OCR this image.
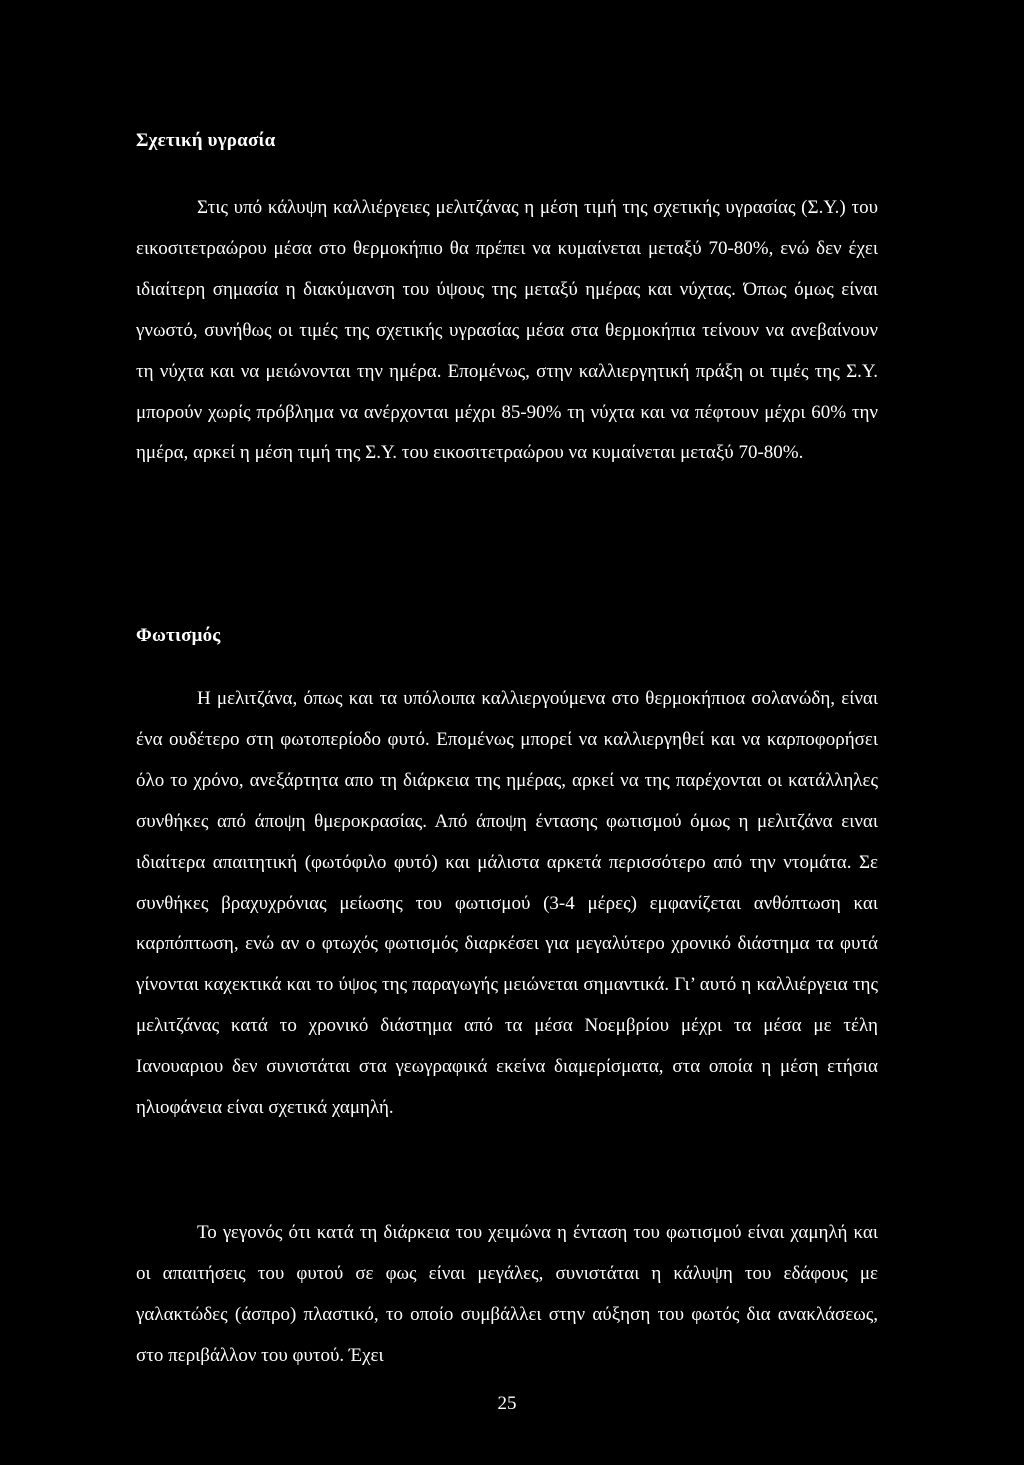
Σχετική υγρασία
Στις υπό κάλυψη καλλιέργειες μελιτζάνας η μέση τιμή της σχετικής υγρασίας (Σ.Υ.) του εικοσιτετραώρου μέσα στο θερμοκήπιο θα πρέπει να κυμαίνεται μεταξύ 70-80%, ενώ δεν έχει ιδιαίτερη σημασία η διακύμανση του ύψους της μεταξύ ημέρας και νύχτας. Όπως όμως είναι γνωστό, συνήθως οι τιμές της σχετικής υγρασίας μέσα στα θερμοκήπια τείνουν να ανεβαίνουν τη νύχτα και να μειώνονται την ημέρα. Επομένως, στην καλλιεργητική πράξη οι τιμές της Σ.Υ. μπορούν χωρίς πρόβλημα να ανέρχονται μέχρι 85-90% τη νύχτα και να πέφτουν μέχρι 60% την ημέρα, αρκεί η μέση τιμή της Σ.Υ. του εικοσιτετραώρου να κυμαίνεται μεταξύ 70-80%.
Φωτισμός
Η μελιτζάνα, όπως και τα υπόλοιπα καλλιεργούμενα στο θερμοκήπιοα σολανώδη, είναι ένα ουδέτερο στη φωτοπερίοδο φυτό. Επομένως μπορεί να καλλιεργηθεί και να καρποφορήσει όλο το χρόνο, ανεξάρτητα απο τη διάρκεια της ημέρας, αρκεί να της παρέχονται οι κατάλληλες συνθήκες από άποψη θμεροκρασίας. Από άποψη έντασης φωτισμού όμως η μελιτζάνα ειναι ιδιαίτερα απαιτητική (φωτόφιλο φυτό) και μάλιστα αρκετά περισσότερο από την ντομάτα. Σε συνθήκες βραχυχρόνιας μείωσης του φωτισμού (3-4 μέρες) εμφανίζεται ανθόπτωση και καρπόπτωση, ενώ αν ο φτωχός φωτισμός διαρκέσει για μεγαλύτερο χρονικό διάστημα τα φυτά γίνονται καχεκτικά και το ύψος της παραγωγής μειώνεται σημαντικά. Γι’ αυτό η καλλιέργεια της μελιτζάνας κατά το χρονικό διάστημα από τα μέσα Νοεμβρίου μέχρι τα μέσα με τέλη Ιανουαριου δεν συνιστάται στα γεωγραφικά εκείνα διαμερίσματα, στα οποία η μέση ετήσια ηλιοφάνεια είναι σχετικά χαμηλή.
Το γεγονός ότι κατά τη διάρκεια του χειμώνα η ένταση του φωτισμού είναι χαμηλή και οι απαιτήσεις του φυτού σε φως είναι μεγάλες, συνιστάται η κάλυψη του εδάφους με γαλακτώδες (άσπρο) πλαστικό, το οποίο συμβάλλει στην αύξηση του φωτός δια ανακλάσεως, στο περιβάλλον του φυτού. Έχει
25
